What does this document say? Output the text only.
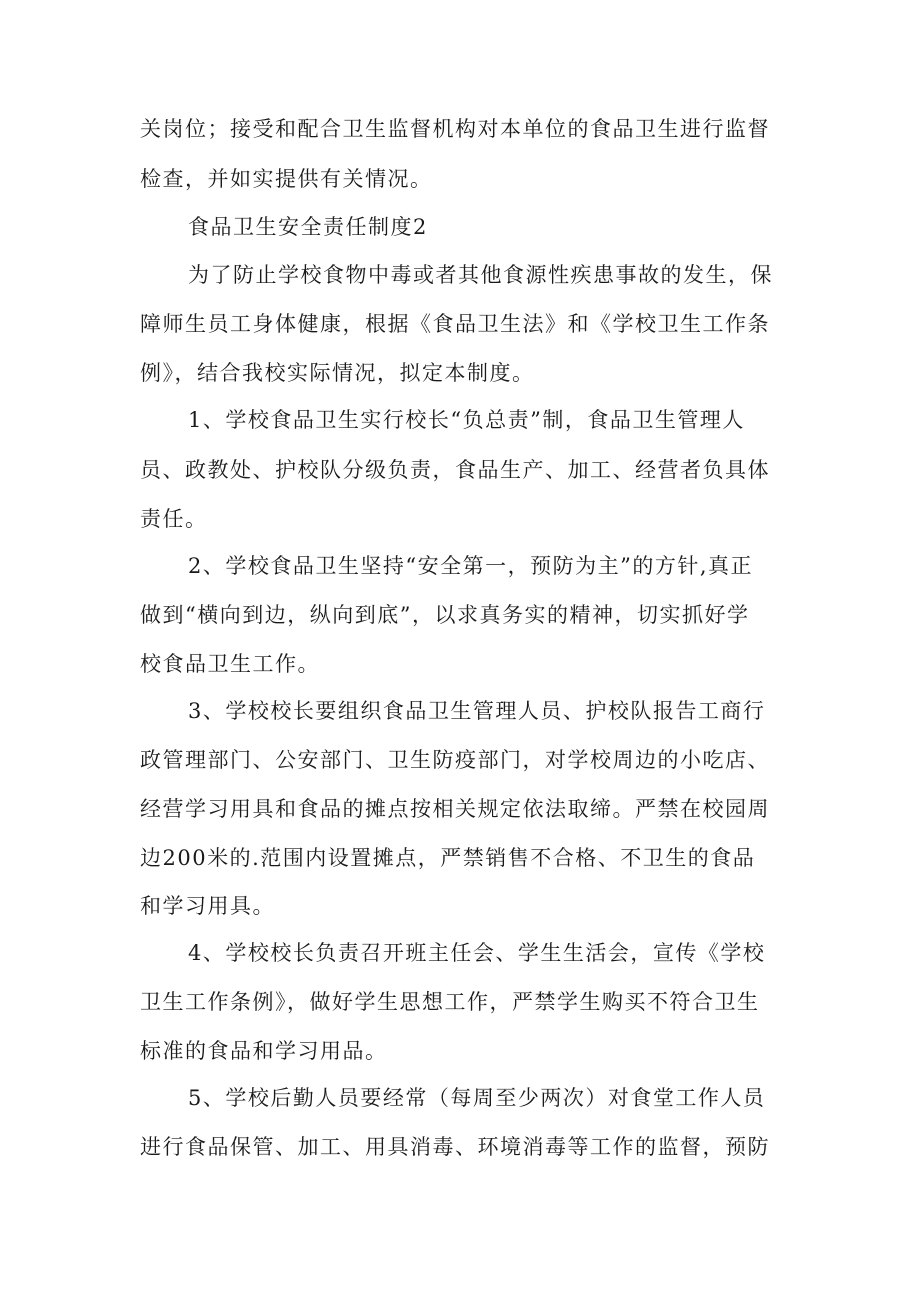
关岗位；接受和配合卫生监督机构对本单位的食品卫生进行监督
检查，并如实提供有关情况。
食品卫生安全责任制度2
为了防止学校食物中毒或者其他食源性疾患事故的发生，保
障师生员工身体健康，根据《食品卫生法》和《学校卫生工作条
例》，结合我校实际情况，拟定本制度。
1、学校食品卫生实行校长“负总责”制，食品卫生管理人
员、政教处、护校队分级负责，食品生产、加工、经营者负具体
责任。
2、学校食品卫生坚持“安全第一，预防为主”的方针,真正
做到“横向到边，纵向到底”，以求真务实的精神，切实抓好学
校食品卫生工作。
3、学校校长要组织食品卫生管理人员、护校队报告工商行
政管理部门、公安部门、卫生防疫部门，对学校周边的小吃店、
经营学习用具和食品的摊点按相关规定依法取缔。严禁在校园周
边200米的.范围内设置摊点，严禁销售不合格、不卫生的食品
和学习用具。
4、学校校长负责召开班主任会、学生生活会，宣传《学校
卫生工作条例》，做好学生思想工作，严禁学生购买不符合卫生
标准的食品和学习用品。
5、学校后勤人员要经常（每周至少两次）对食堂工作人员
进行食品保管、加工、用具消毒、环境消毒等工作的监督，预防
